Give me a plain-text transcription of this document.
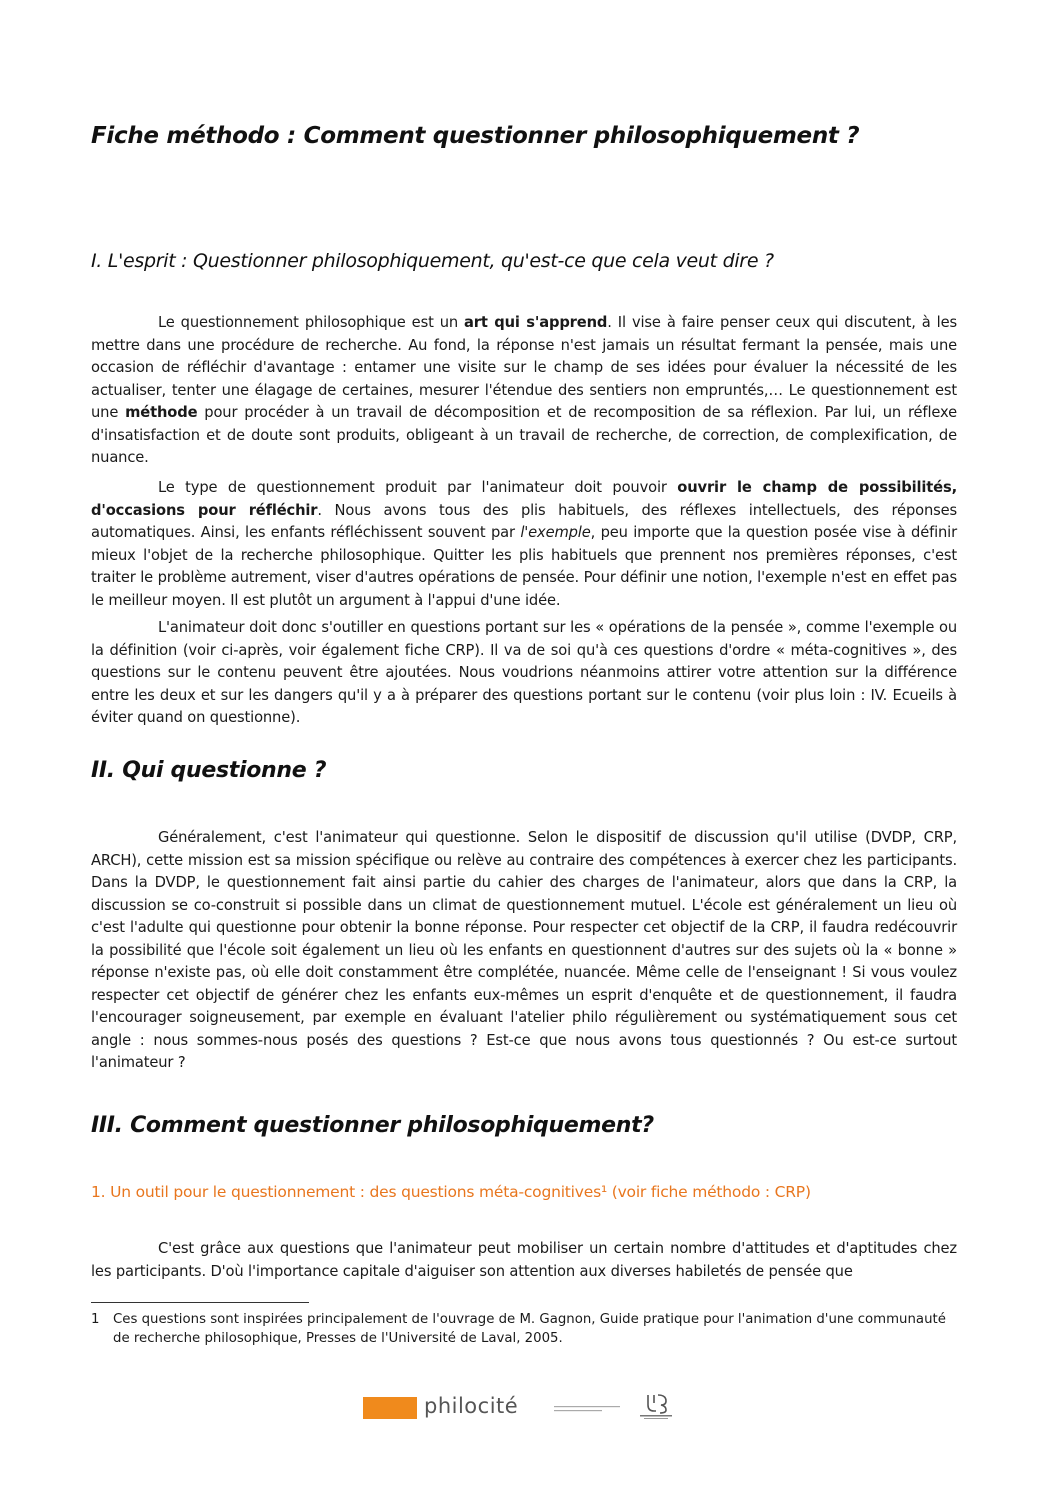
Fiche méthodo : Comment questionner philosophiquement ?
I. L'esprit : Questionner philosophiquement, qu'est-ce que cela veut dire ?

Le questionnement philosophique est un art qui s'apprend. Il vise à faire penser ceux qui discutent, à les mettre dans une procédure de recherche. Au fond, la réponse n'est jamais un résultat fermant la pensée, mais une occasion de réfléchir d'avantage : entamer une visite sur le champ de ses idées pour évaluer la nécessité de les actualiser, tenter une élagage de certaines, mesurer l'étendue des sentiers non empruntés,… Le questionnement est une méthode pour procéder à un travail de décomposition et de recomposition de sa réflexion. Par lui, un réflexe d'insatisfaction et de doute sont produits, obligeant à un travail de recherche, de correction, de complexification, de nuance.

Le type de questionnement produit par l'animateur doit pouvoir ouvrir le champ de possibilités, d'occasions pour réfléchir. Nous avons tous des plis habituels, des réflexes intellectuels, des réponses automatiques. Ainsi, les enfants réfléchissent souvent par l'exemple, peu importe que la question posée vise à définir mieux l'objet de la recherche philosophique. Quitter les plis habituels que prennent nos premières réponses, c'est traiter le problème autrement, viser d'autres opérations de pensée. Pour définir une notion, l'exemple n'est en effet pas le meilleur moyen. Il est plutôt un argument à l'appui d'une idée.

L'animateur doit donc s'outiller en questions portant sur les « opérations de la pensée », comme l'exemple ou la définition (voir ci-après, voir également fiche CRP). Il va de soi qu'à ces questions d'ordre « méta-cognitives », des questions sur le contenu peuvent être ajoutées. Nous voudrions néanmoins attirer votre attention sur la différence entre les deux et sur les dangers qu'il y a à préparer des questions portant sur le contenu (voir plus loin : IV. Ecueils à éviter quand on questionne).

II. Qui questionne ?

Généralement, c'est l'animateur qui questionne. Selon le dispositif de discussion qu'il utilise (DVDP, CRP, ARCH), cette mission est sa mission spécifique ou relève au contraire des compétences à exercer chez les participants. Dans la DVDP, le questionnement fait ainsi partie du cahier des charges de l'animateur, alors que dans la CRP, la discussion se co-construit si possible dans un climat de questionnement mutuel. L'école est généralement un lieu où c'est l'adulte qui questionne pour obtenir la bonne réponse. Pour respecter cet objectif de la CRP, il faudra redécouvrir la possibilité que l'école soit également un lieu où les enfants en questionnent d'autres sur des sujets où la « bonne » réponse n'existe pas, où elle doit constamment être complétée, nuancée. Même celle de l'enseignant ! Si vous voulez respecter cet objectif de générer chez les enfants eux-mêmes un esprit d'enquête et de questionnement, il faudra l'encourager soigneusement, par exemple en évaluant l'atelier philo régulièrement ou systématiquement sous cet angle : nous sommes-nous posés des questions ? Est-ce que nous avons tous questionnés ? Ou est-ce surtout l'animateur ?

III. Comment questionner philosophiquement?
1. Un outil pour le questionnement : des questions méta-cognitives¹ (voir fiche méthodo : CRP)

C'est grâce aux questions que l'animateur peut mobiliser un certain nombre d'attitudes et d'aptitudes chez les participants. D'où l'importance capitale d'aiguiser son attention aux diverses habiletés de pensée que

1 Ces questions sont inspirées principalement de l'ouvrage de M. Gagnon, Guide pratique pour l'animation d'une communauté de recherche philosophique, Presses de l'Université de Laval, 2005.
philocité
